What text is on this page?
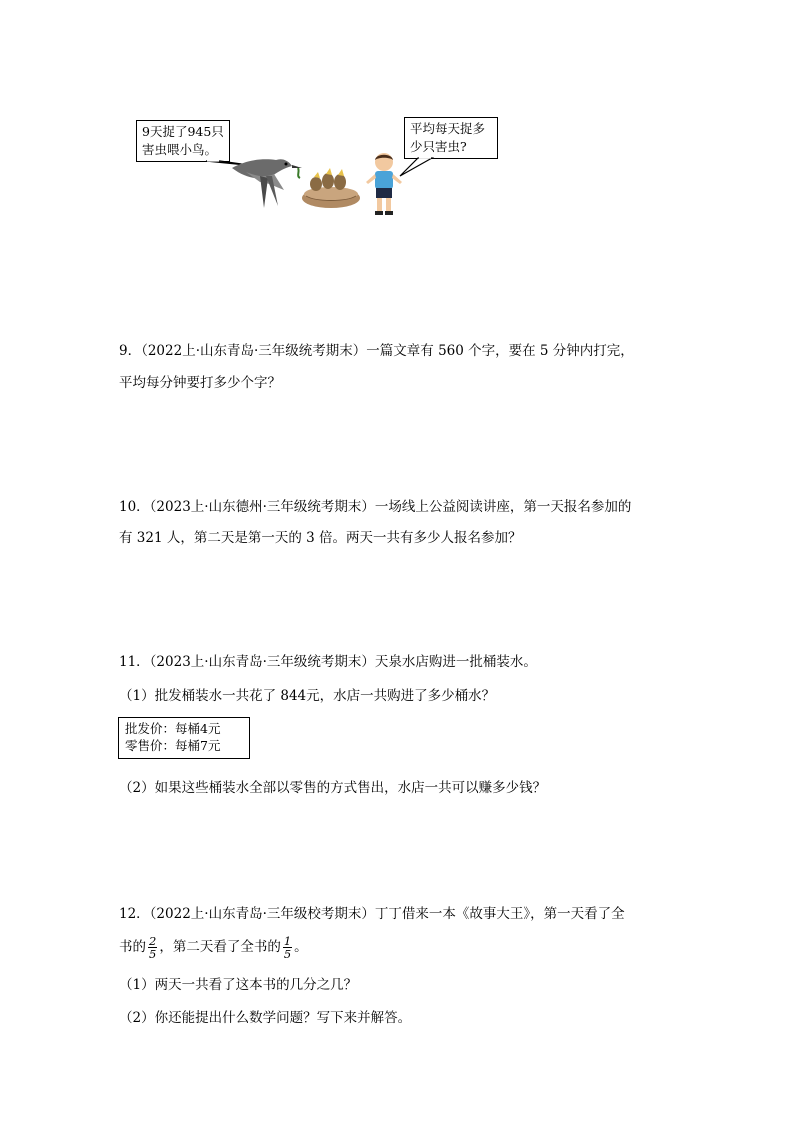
9天捉了945只
害虫喂小鸟。
平均每天捉多
少只害虫?
9．（2022上·山东青岛·三年级统考期末）一篇文章有 560 个字，要在 5 分钟内打完，
平均每分钟要打多少个字？
10．（2023上·山东德州·三年级统考期末）一场线上公益阅读讲座，第一天报名参加的
有 321 人，第二天是第一天的 3 倍。两天一共有多少人报名参加？
11．（2023上·山东青岛·三年级统考期末）天泉水店购进一批桶装水。
（1）批发桶装水一共花了 844元，水店一共购进了多少桶水？
批发价：每桶4元
零售价：每桶7元
（2）如果这些桶装水全部以零售的方式售出，水店一共可以赚多少钱？
12．（2022上·山东青岛·三年级校考期末）丁丁借来一本《故事大王》，第一天看了全
书的 $\frac{2}{5}$ ，第二天看了全书的 $\frac{1}{5}$ 。
（1）两天一共看了这本书的几分之几？
（2）你还能提出什么数学问题？写下来并解答。
